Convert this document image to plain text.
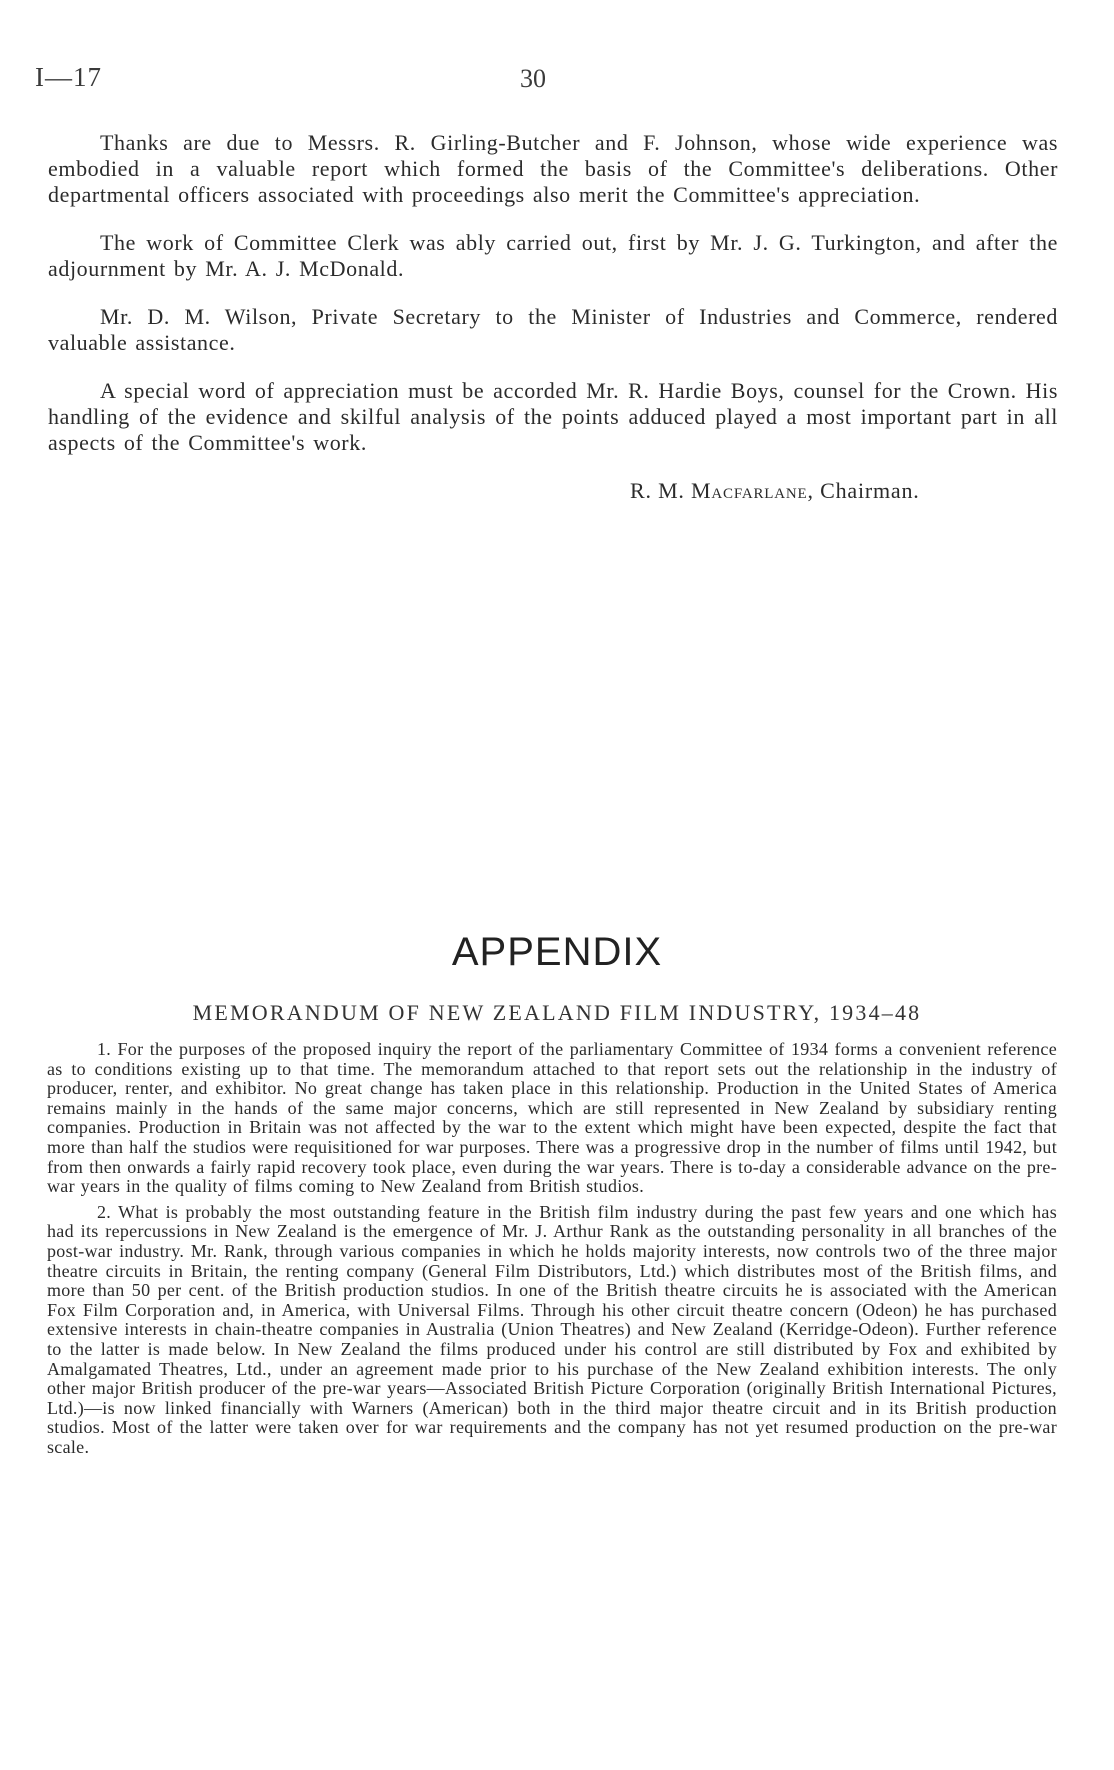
I—17	30

Thanks are due to Messrs. R. Girling-Butcher and F. Johnson, whose wide experience was embodied in a valuable report which formed the basis of the Committee's deliberations. Other departmental officers associated with proceedings also merit the Committee's appreciation.

The work of Committee Clerk was ably carried out, first by Mr. J. G. Turkington, and after the adjournment by Mr. A. J. McDonald.

Mr. D. M. Wilson, Private Secretary to the Minister of Industries and Commerce, rendered valuable assistance.

A special word of appreciation must be accorded Mr. R. Hardie Boys, counsel for the Crown. His handling of the evidence and skilful analysis of the points adduced played a most important part in all aspects of the Committee's work.

R. M. Macfarlane, Chairman.
APPENDIX
MEMORANDUM OF NEW ZEALAND FILM INDUSTRY, 1934–48

1. For the purposes of the proposed inquiry the report of the parliamentary Committee of 1934 forms a convenient reference as to conditions existing up to that time. The memorandum attached to that report sets out the relationship in the industry of producer, renter, and exhibitor. No great change has taken place in this relationship. Production in the United States of America remains mainly in the hands of the same major concerns, which are still represented in New Zealand by subsidiary renting companies. Production in Britain was not affected by the war to the extent which might have been expected, despite the fact that more than half the studios were requisitioned for war purposes. There was a progressive drop in the number of films until 1942, but from then onwards a fairly rapid recovery took place, even during the war years. There is to-day a considerable advance on the pre-war years in the quality of films coming to New Zealand from British studios.

2. What is probably the most outstanding feature in the British film industry during the past few years and one which has had its repercussions in New Zealand is the emergence of Mr. J. Arthur Rank as the outstanding personality in all branches of the post-war industry. Mr. Rank, through various companies in which he holds majority interests, now controls two of the three major theatre circuits in Britain, the renting company (General Film Distributors, Ltd.) which distributes most of the British films, and more than 50 per cent. of the British production studios. In one of the British theatre circuits he is associated with the American Fox Film Corporation and, in America, with Universal Films. Through his other circuit theatre concern (Odeon) he has purchased extensive interests in chain-theatre companies in Australia (Union Theatres) and New Zealand (Kerridge-Odeon). Further reference to the latter is made below. In New Zealand the films produced under his control are still distributed by Fox and exhibited by Amalgamated Theatres, Ltd., under an agreement made prior to his purchase of the New Zealand exhibition interests. The only other major British producer of the pre-war years—Associated British Picture Corporation (originally British International Pictures, Ltd.)—is now linked financially with Warners (American) both in the third major theatre circuit and in its British production studios. Most of the latter were taken over for war requirements and the company has not yet resumed production on the pre-war scale.
